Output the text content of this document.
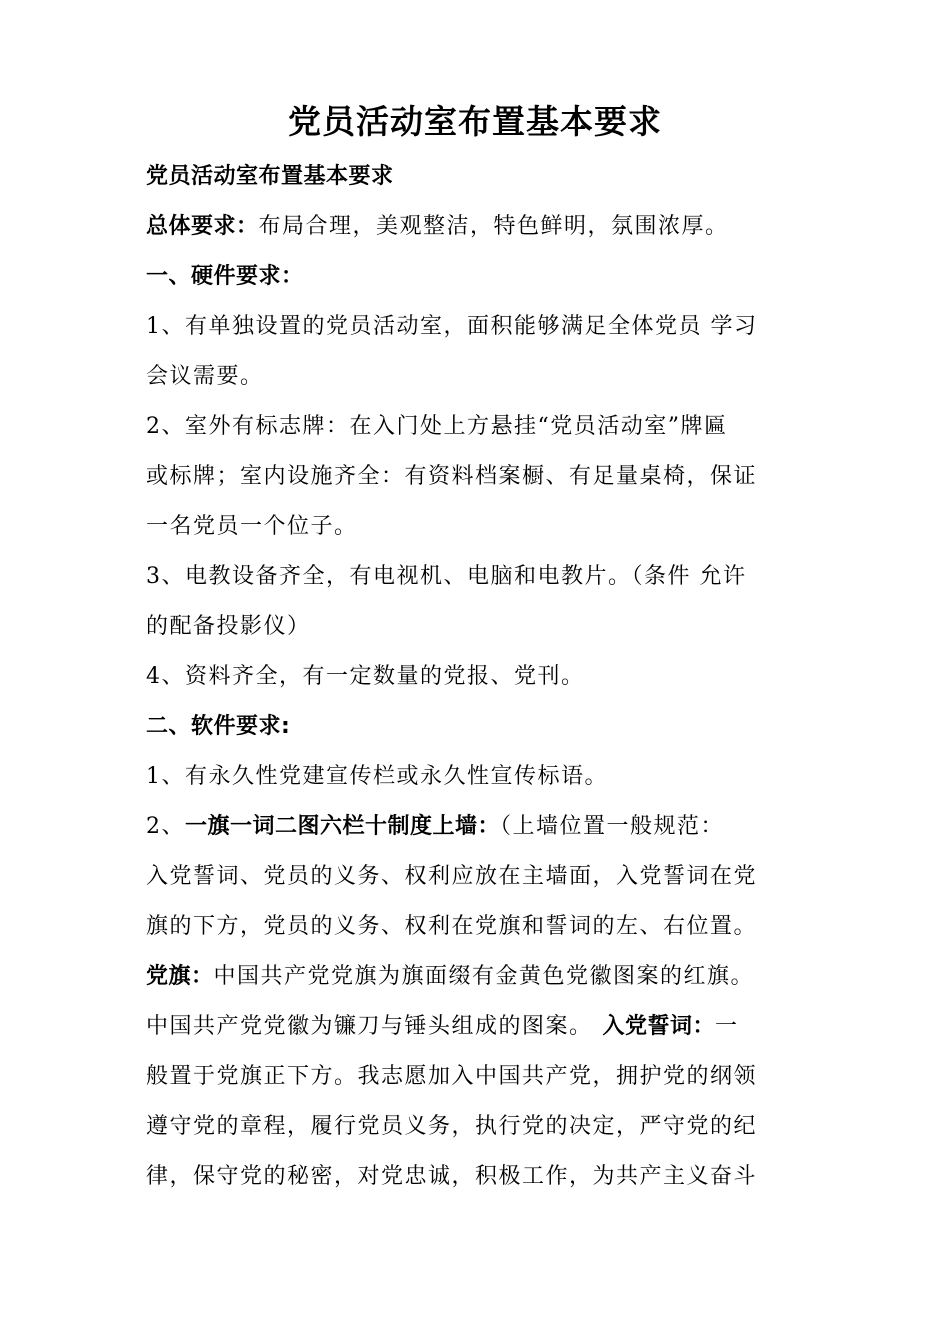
党员活动室布置基本要求
党员活动室布置基本要求
总体要求：布局合理，美观整洁，特色鲜明，氛围浓厚。
一、硬件要求：
1、有单独设置的党员活动室，面积能够满足全体党员 学习
会议需要。
2、室外有标志牌：在入门处上方悬挂“党员活动室”牌匾
或标牌；室内设施齐全：有资料档案橱、有足量桌椅，保证
一名党员一个位子。
3、电教设备齐全，有电视机、电脑和电教片。（条件 允许
的配备投影仪）
4、资料齐全，有一定数量的党报、党刊。
二、软件要求:
1、有永久性党建宣传栏或永久性宣传标语。
2、一旗一词二图六栏十制度上墙：（上墙位置一般规范：
入党誓词、党员的义务、权利应放在主墙面，入党誓词在党
旗的下方，党员的义务、权利在党旗和誓词的左、右位置。
党旗：中国共产党党旗为旗面缀有金黄色党徽图案的红旗。
中国共产党党徽为镰刀与锤头组成的图案。 入党誓词：一
般置于党旗正下方。我志愿加入中国共产党，拥护党的纲领
遵守党的章程，履行党员义务，执行党的决定，严守党的纪
律，保守党的秘密，对党忠诚，积极工作，为共产主义奋斗
